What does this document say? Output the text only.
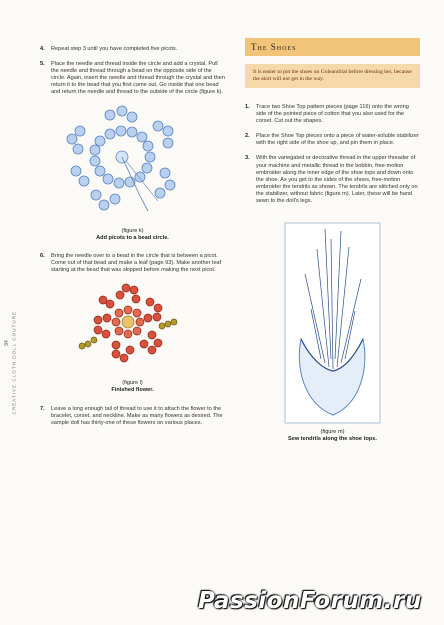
CREATIVE CLOTH DOLL COUTURE
94
4. Repeat step 3 until you have completed five picots.
5. Place the needle and thread inside the circle and add a crystal. Pull the needle and thread through a bead on the opposite side of the circle. Again, insert the needle and thread through the crystal and then return it to the bead that you first came out. Go inside that one bead and return the needle and thread to the outside of the circle (figure k).
(figure k)
Add picots to a bead circle.
6. Bring the needle over to a bead in the circle that is between a picot. Come out of that bead and make a leaf (page 93). Make another leaf starting at the bead that was skipped before making the next picot.
(figure l)
Finished flower.
7. Leave a long enough tail of thread to use it to attach the flower to the bracelet, corset, and neckline. Make as many flowers as desired. The sample doll has thirty-one of these flowers on various places.
The Shoes
It is easier to put the shoes on Goleandrial before dressing her, because the skirt will not get in the way.
1. Trace two Shoe Top pattern pieces (page 116) onto the wrong side of the pointed piece of cotton that you also used for the corset. Cut out the shapes.
2. Place the Shoe Top pieces onto a piece of water-soluble stabilizer with the right side of the shoe up, and pin them in place.
3. With the variegated or decorative thread in the upper threader of your machine and metallic thread in the bobbin, free-motion embroider along the inner edge of the shoe tops and down onto the shoe. As you get to the sides of the shoes, free-motion embroider the tendrils as shown. The tendrils are stitched only on the stabilizer, without fabric (figure m). Later, these will be hand sewn to the doll's legs.
(figure m)
Sew tendrils along the shoe tops.
PassionForum.ru
